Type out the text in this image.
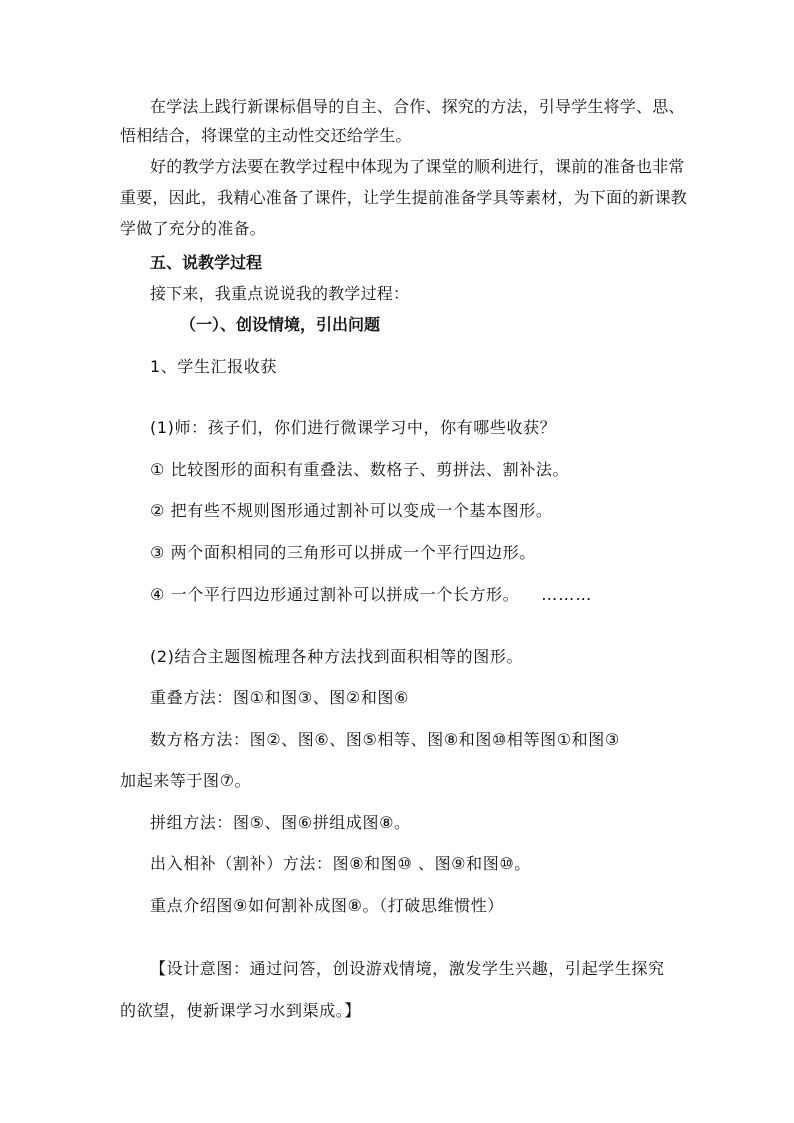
在学法上践行新课标倡导的自主、合作、探究的方法，引导学生将学、思、
悟相结合，将课堂的主动性交还给学生。
好的教学方法要在教学过程中体现为了课堂的顺利进行，课前的准备也非常
重要，因此，我精心准备了课件，让学生提前准备学具等素材，为下面的新课教
学做了充分的准备。
五、说教学过程
接下来，我重点说说我的教学过程：
（一）、创设情境，引出问题
1、学生汇报收获
(1)师：孩子们，你们进行微课学习中，你有哪些收获？
① 比较图形的面积有重叠法、数格子、剪拼法、割补法。
② 把有些不规则图形通过割补可以变成一个基本图形。
③ 两个面积相同的三角形可以拼成一个平行四边形。
④ 一个平行四边形通过割补可以拼成一个长方形。 ………
(2)结合主题图梳理各种方法找到面积相等的图形。
重叠方法：图①和图③、图②和图⑥
数方格方法：图②、图⑥、图⑤相等、图⑧和图⑩相等图①和图③
加起来等于图⑦。
拼组方法：图⑤、图⑥拼组成图⑧。
出入相补（割补）方法：图⑧和图⑩ 、图⑨和图⑩。
重点介绍图⑨如何割补成图⑧。（打破思维惯性）
【设计意图：通过问答，创设游戏情境，激发学生兴趣，引起学生探究
的欲望，使新课学习水到渠成。】
